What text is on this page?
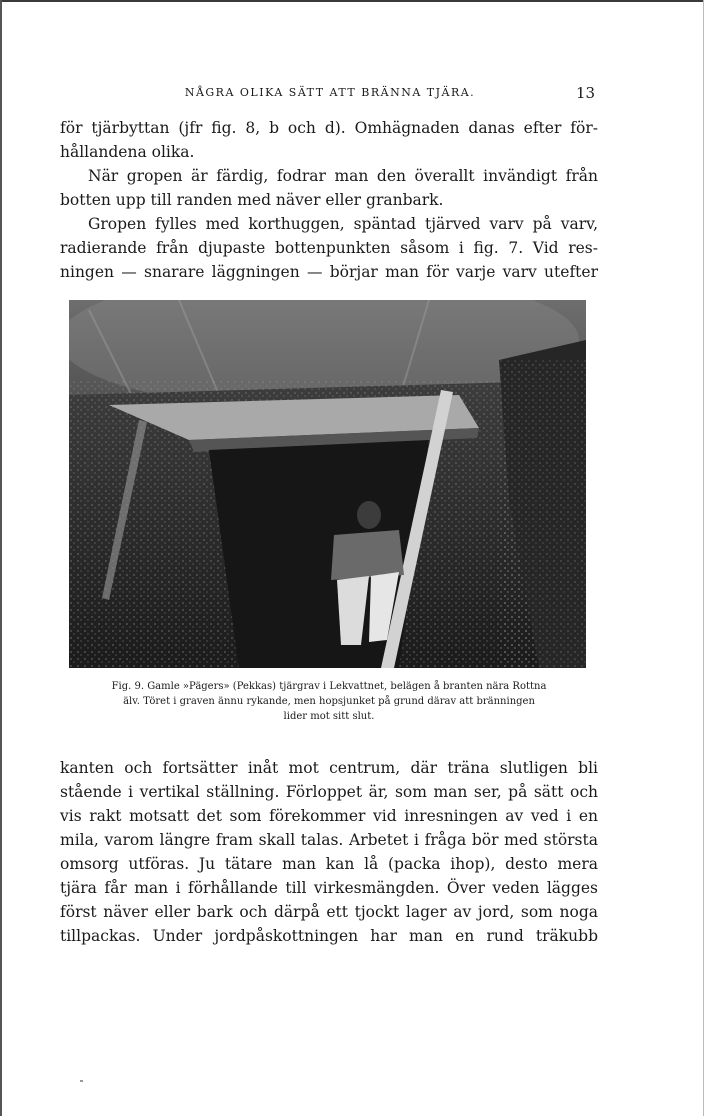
NÅGRA OLIKA SÄTT ATT BRÄNNA TJÄRA.	13

för tjärbyttan (jfr fig. 8, b och d). Omhägnaden danas efter för-

hållandena olika.

När gropen är färdig, fodrar man den överallt invändigt från

botten upp till randen med näver eller granbark.

Gropen fylles med korthuggen, späntad tjärved varv på varv,

radierande från djupaste bottenpunkten såsom i fig. 7. Vid res-

ningen — snarare läggningen — börjar man för varje varv utefter

Fig. 9. Gamle »Pägers» (Pekkas) tjärgrav i Lekvattnet, belägen å branten nära Rottna
älv. Töret i graven ännu rykande, men hopsjunket på grund därav att bränningen
lider mot sitt slut.

kanten och fortsätter inåt mot centrum, där träna slutligen bli

stående i vertikal ställning. Förloppet är, som man ser, på sätt och

vis rakt motsatt det som förekommer vid inresningen av ved i en

mila, varom längre fram skall talas. Arbetet i fråga bör med största

omsorg utföras. Ju tätare man kan lå (packa ihop), desto mera

tjära får man i förhållande till virkesmängden. Över veden lägges

först näver eller bark och därpå ett tjockt lager av jord, som noga

tillpackas. Under jordpåskottningen har man en rund träkubb
